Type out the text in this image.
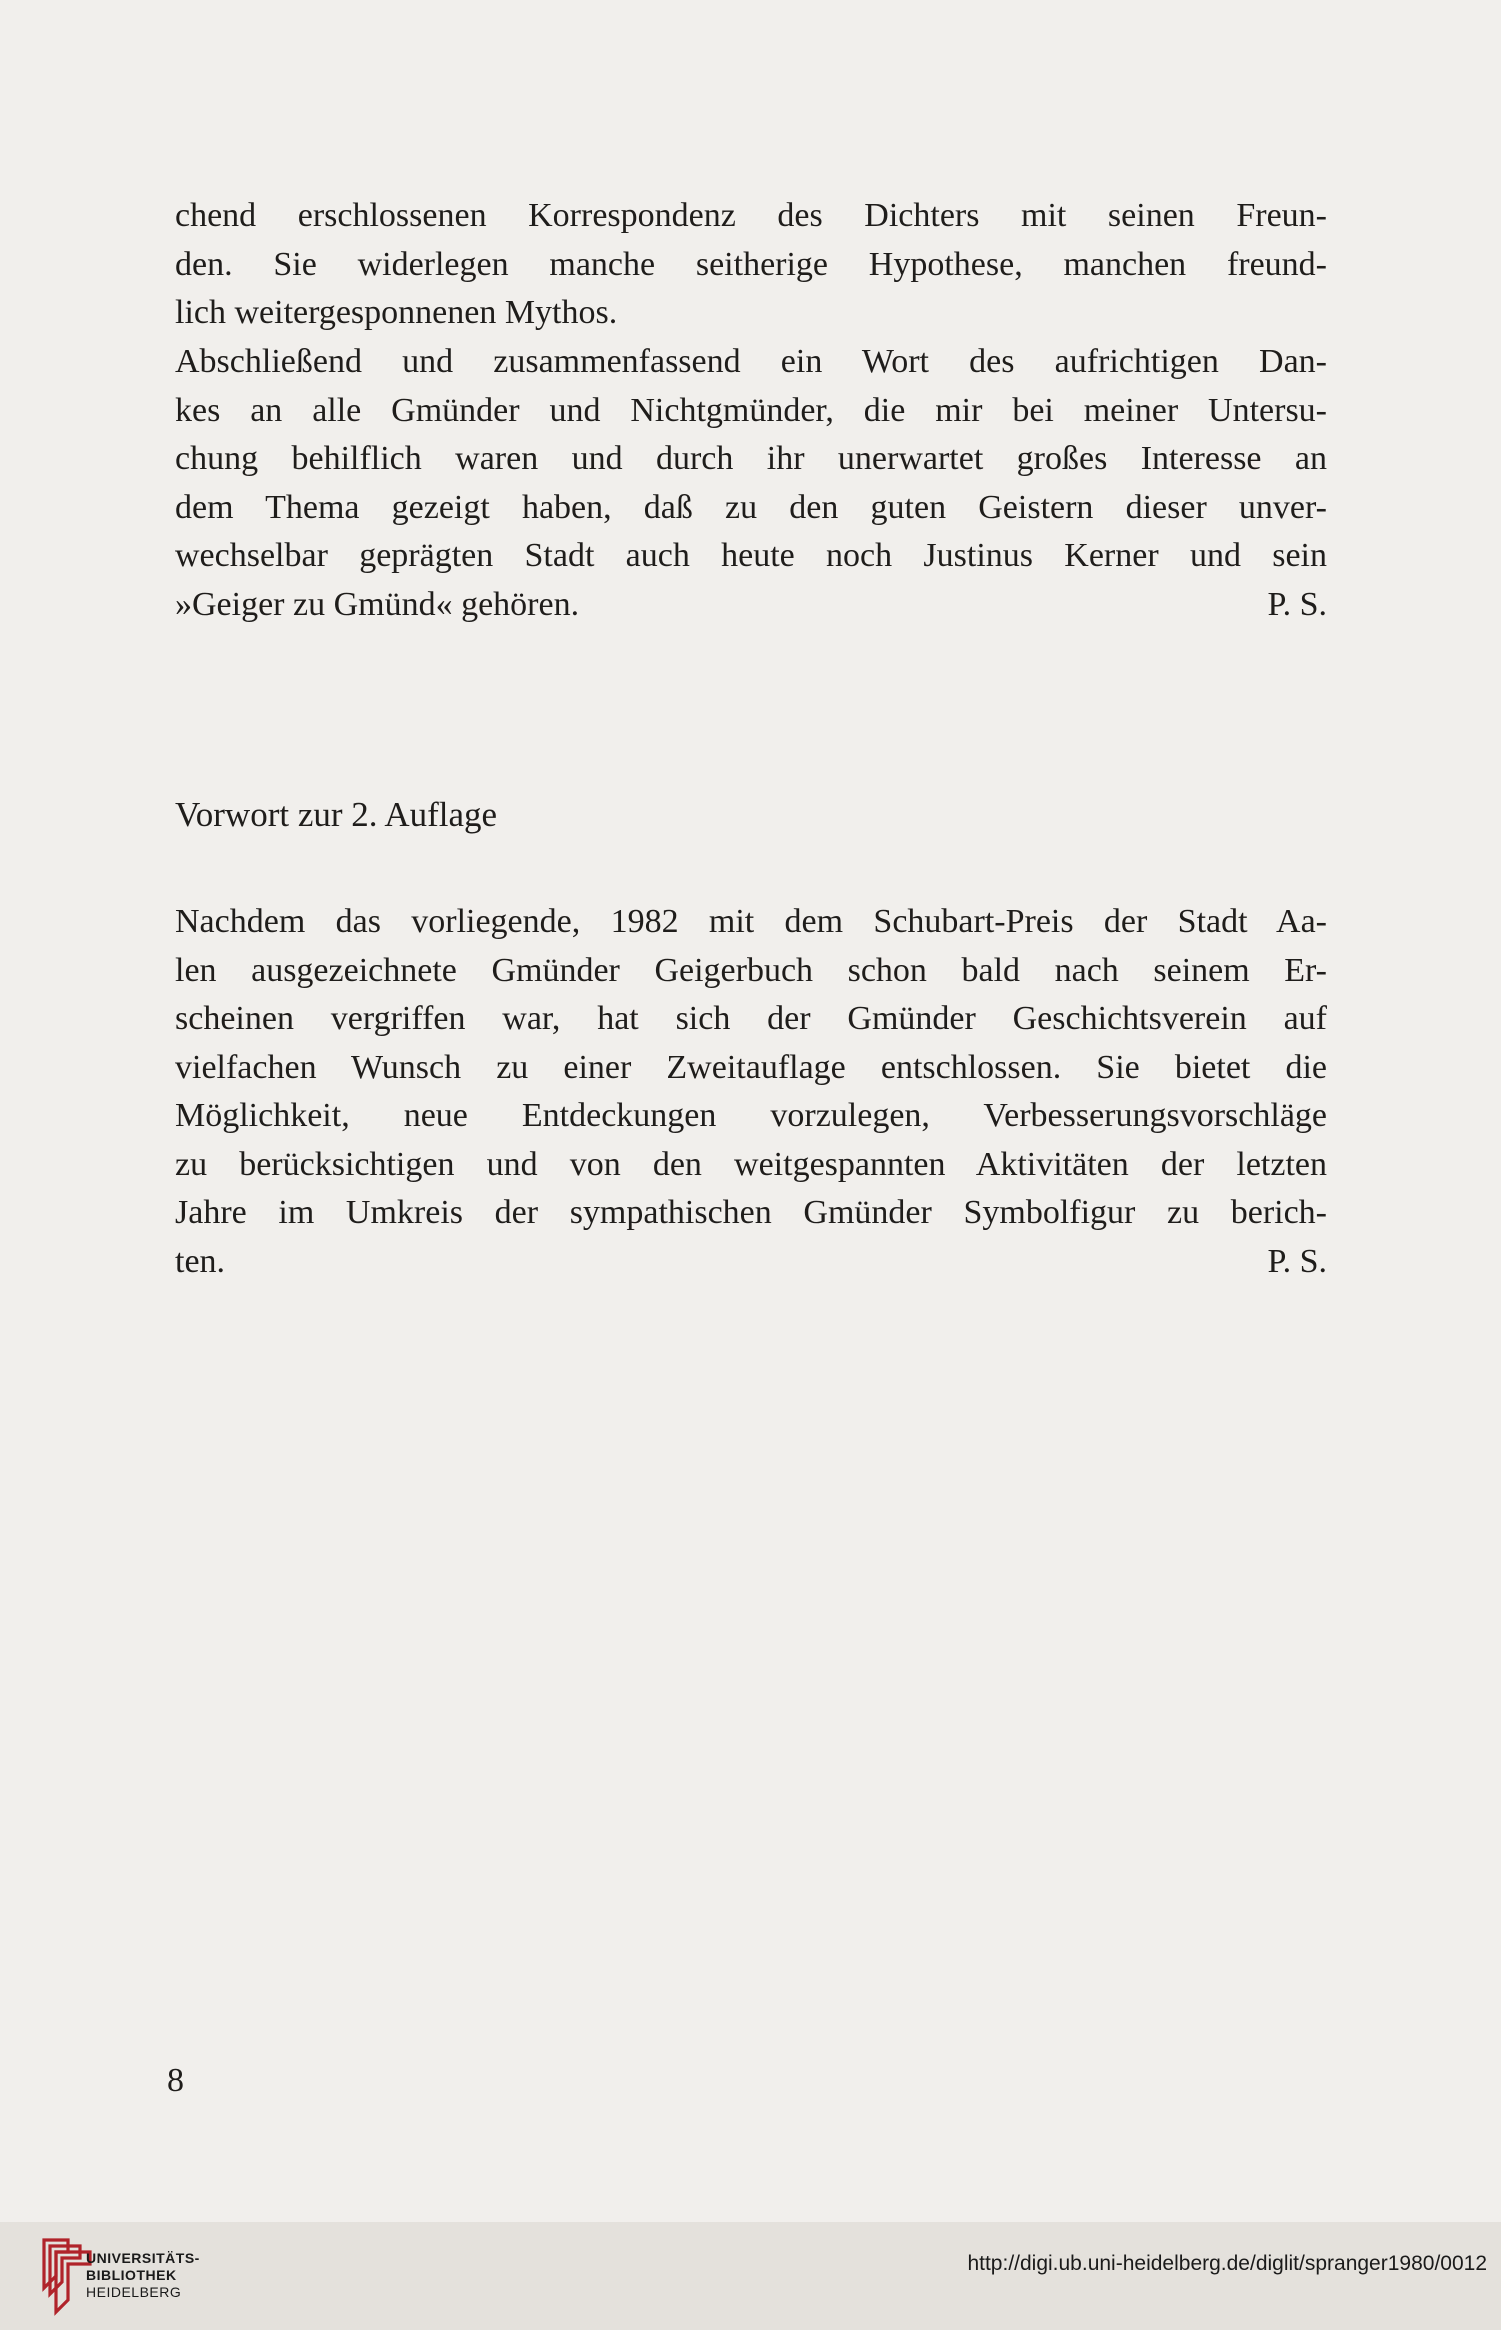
chend erschlossenen Korrespondenz des Dichters mit seinen Freun-
den. Sie widerlegen manche seitherige Hypothese, manchen freund-
lich weitergesponnenen Mythos.
Abschließend und zusammenfassend ein Wort des aufrichtigen Dan-
kes an alle Gmünder und Nichtgmünder, die mir bei meiner Untersu-
chung behilflich waren und durch ihr unerwartet großes Interesse an
dem Thema gezeigt haben, daß zu den guten Geistern dieser unver-
wechselbar geprägten Stadt auch heute noch Justinus Kerner und sein
»Geiger zu Gmünd« gehören.	P. S.
Vorwort zur 2. Auflage
Nachdem das vorliegende, 1982 mit dem Schubart-Preis der Stadt Aa-
len ausgezeichnete Gmünder Geigerbuch schon bald nach seinem Er-
scheinen vergriffen war, hat sich der Gmünder Geschichtsverein auf
vielfachen Wunsch zu einer Zweitauflage entschlossen. Sie bietet die
Möglichkeit, neue Entdeckungen vorzulegen, Verbesserungsvorschläge
zu berücksichtigen und von den weitgespannten Aktivitäten der letzten
Jahre im Umkreis der sympathischen Gmünder Symbolfigur zu berich-
ten.	P. S.
8
UNIVERSITÄTS-
BIBLIOTHEK
HEIDELBERG
http://digi.ub.uni-heidelberg.de/diglit/spranger1980/0012
